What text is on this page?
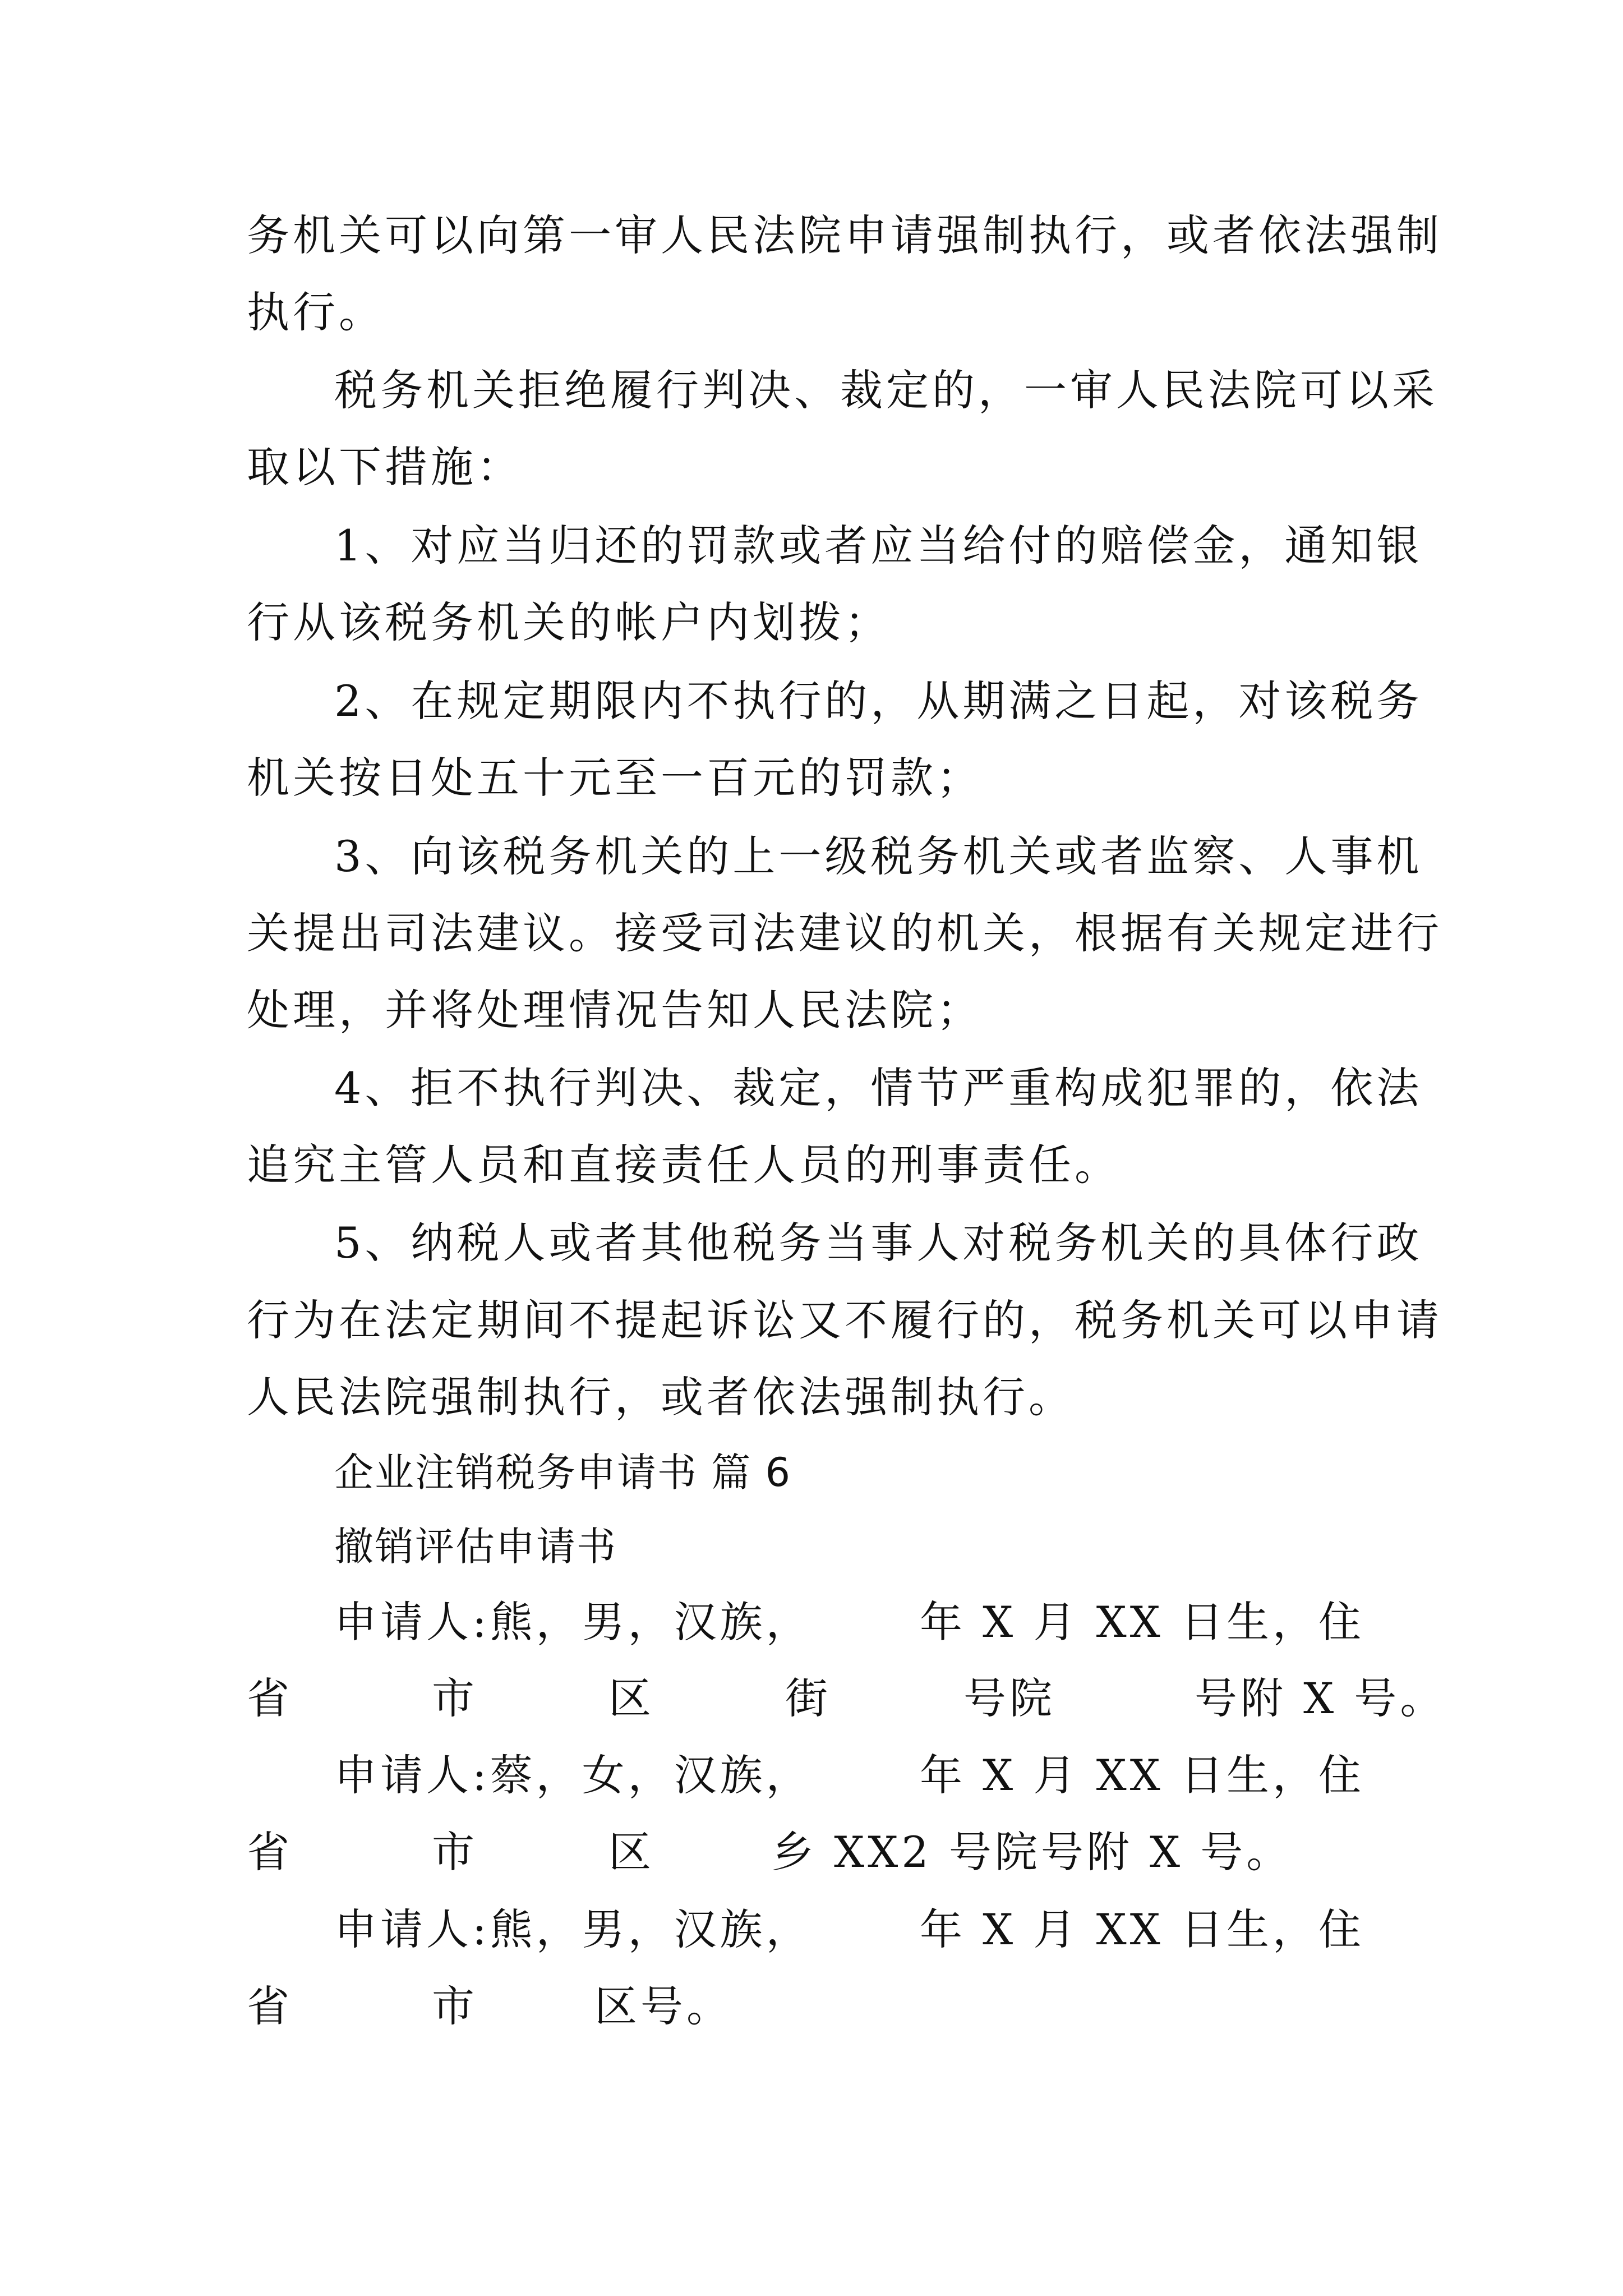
务机关可以向第一审人民法院申请强制执行，或者依法强制
执行。
税务机关拒绝履行判决、裁定的，一审人民法院可以采
取以下措施：
1、对应当归还的罚款或者应当给付的赔偿金，通知银
行从该税务机关的帐户内划拨；
2、在规定期限内不执行的，从期满之日起，对该税务
机关按日处五十元至一百元的罚款；
3、向该税务机关的上一级税务机关或者监察、人事机
关提出司法建议。接受司法建议的机关，根据有关规定进行
处理，并将处理情况告知人民法院；
4、拒不执行判决、裁定，情节严重构成犯罪的，依法
追究主管人员和直接责任人员的刑事责任。
5、纳税人或者其他税务当事人对税务机关的具体行政
行为在法定期间不提起诉讼又不履行的，税务机关可以申请
人民法院强制执行，或者依法强制执行。
企业注销税务申请书 篇 6
撤销评估申请书
申请人:熊，男，汉族，	年 X 月 XX 日生，住
省	市	区	街	号院	号附 X 号。
申请人:蔡，女，汉族，	年 X 月 XX 日生，住
省	市	区	乡 XX2 号院号附 X 号。
申请人:熊，男，汉族，	年 X 月 XX 日生，住
省	市	区号。
